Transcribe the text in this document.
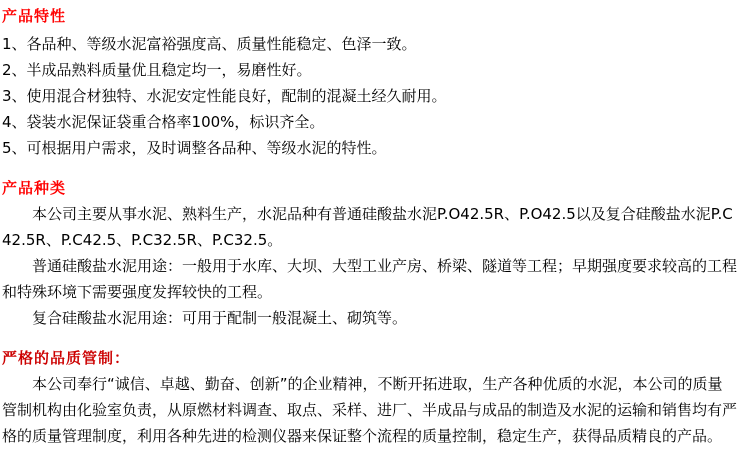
产品特性

1、各品种、等级水泥富裕强度高、质量性能稳定、色泽一致。

2、半成品熟料质量优且稳定均一，易磨性好。

3、使用混合材独特、水泥安定性能良好，配制的混凝土经久耐用。

4、袋装水泥保证袋重合格率100%，标识齐全。

5、可根据用户需求，及时调整各品种、等级水泥的特性。

产品种类

本公司主要从事水泥、熟料生产，水泥品种有普通硅酸盐水泥P.O42.5R、P.O42.5以及复合硅酸盐水泥P.C42.5R、P.C42.5、P.C32.5R、P.C32.5。

普通硅酸盐水泥用途：一般用于水库、大坝、大型工业产房、桥梁、隧道等工程；早期强度要求较高的工程和特殊环境下需要强度发挥较快的工程。

复合硅酸盐水泥用途：可用于配制一般混凝土、砌筑等。

严格的品质管制：

本公司奉行“诚信、卓越、勤奋、创新”的企业精神，不断开拓进取，生产各种优质的水泥，本公司的质量管制机构由化验室负责，从原燃材料调查、取点、采样、进厂、半成品与成品的制造及水泥的运输和销售均有严格的质量管理制度，利用各种先进的检测仪器来保证整个流程的质量控制，稳定生产，获得品质精良的产品。
